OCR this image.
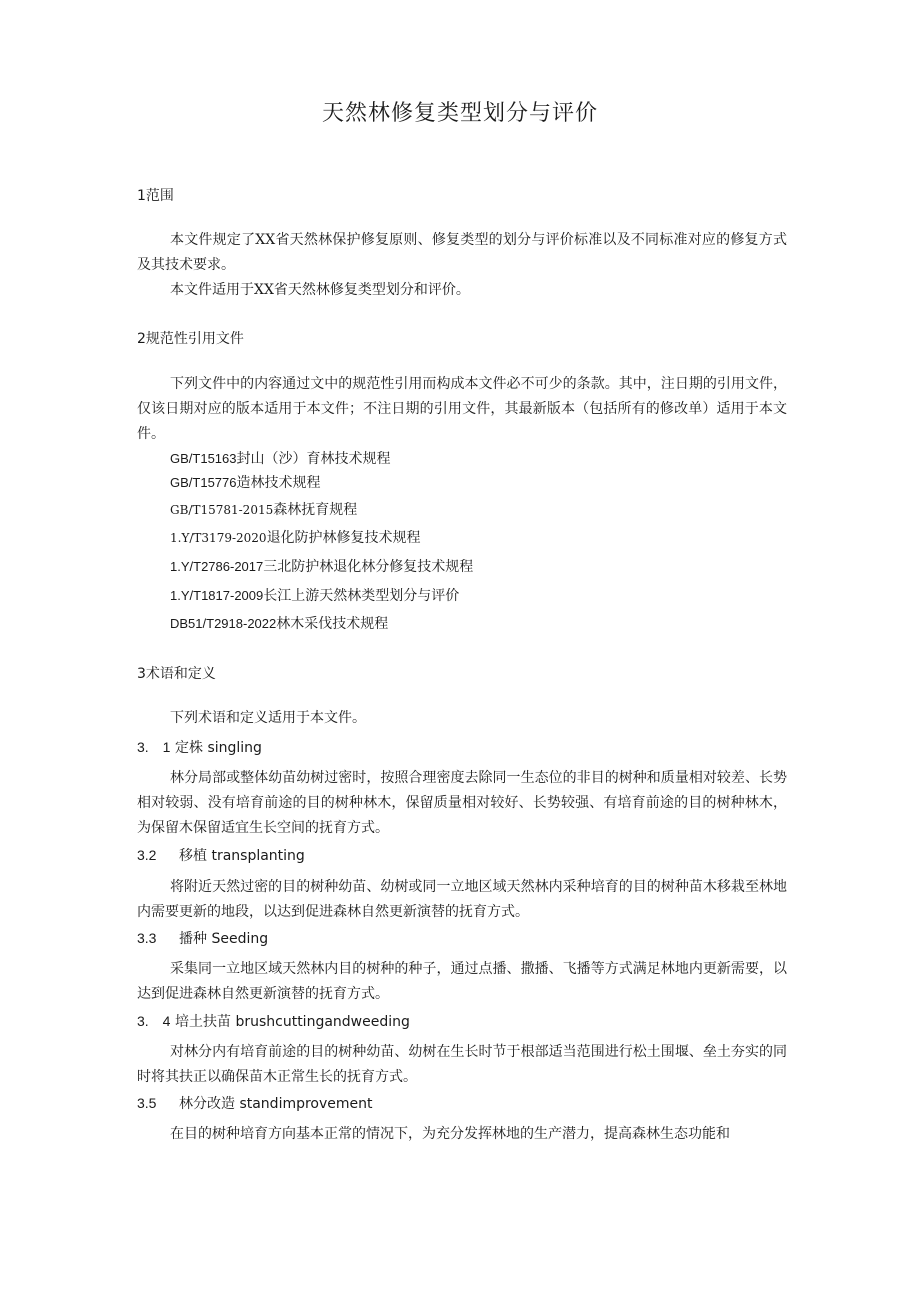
天然林修复类型划分与评价
1范围
本文件规定了XX省天然林保护修复原则、修复类型的划分与评价标准以及不同标准对应的修复方式及其技术要求。
本文件适用于XX省天然林修复类型划分和评价。
2规范性引用文件
下列文件中的内容通过文中的规范性引用而构成本文件必不可少的条款。其中，注日期的引用文件，仅该日期对应的版本适用于本文件；不注日期的引用文件，其最新版本（包括所有的修改单）适用于本文件。
GB/T15163封山（沙）育林技术规程
GB/T15776造林技术规程
GB/T15781-2015森林抚育规程
1.Y/T3179-2020退化防护林修复技术规程
1.Y/T2786-2017三北防护林退化林分修复技术规程
1.Y/T1817-2009长江上游天然林类型划分与评价
DB51/T2918-2022林木采伐技术规程
3术语和定义
下列术语和定义适用于本文件。
3.　1 定株 singling
林分局部或整体幼苗幼树过密时，按照合理密度去除同一生态位的非目的树种和质量相对较差、长势相对较弱、没有培育前途的目的树种林木，保留质量相对较好、长势较强、有培育前途的目的树种林木，为保留木保留适宜生长空间的抚育方式。
3.2 移植 transplanting
将附近天然过密的目的树种幼苗、幼树或同一立地区域天然林内采种培育的目的树种苗木移栽至林地内需要更新的地段，以达到促进森林自然更新演替的抚育方式。
3.3 播种 Seeding
采集同一立地区域天然林内目的树种的种子，通过点播、撒播、飞播等方式满足林地内更新需要，以达到促进森林自然更新演替的抚育方式。
3.　4 培土扶苗 brushcuttingandweeding
对林分内有培育前途的目的树种幼苗、幼树在生长时节于根部适当范围进行松土围堰、垒土夯实的同时将其扶正以确保苗木正常生长的抚育方式。
3.5 林分改造 standimprovement
在目的树种培育方向基本正常的情况下，为充分发挥林地的生产潜力，提高森林生态功能和
